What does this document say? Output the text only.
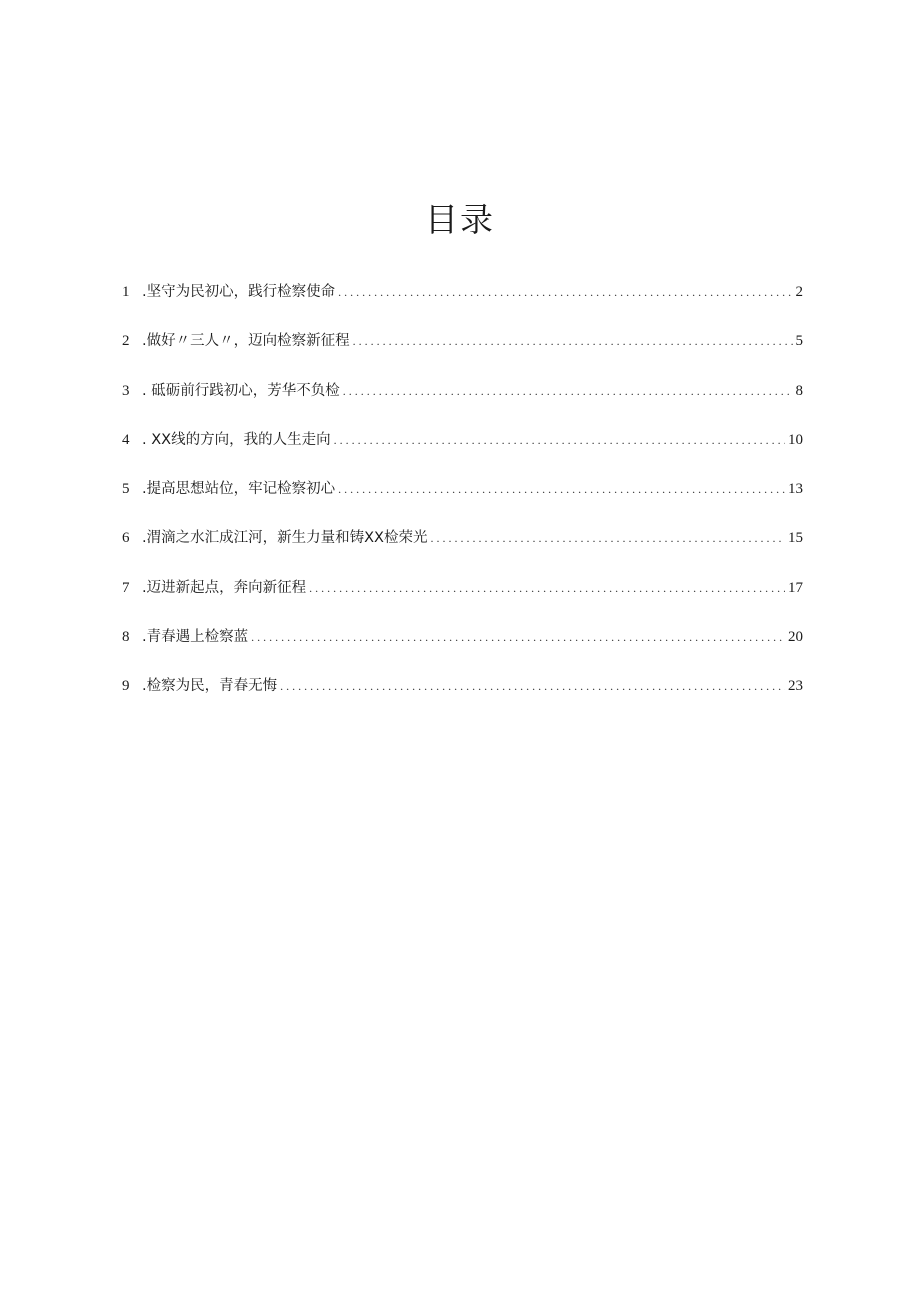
目录
1 .坚守为民初心，践行检察使命 . . .	2
2 .做好〃三人〃，迈向检察新征程 . . .	5
3 . 砥砺前行践初心，芳华不负检 . . .	8
4 . XX线的方向，我的人生走向 . . .	10
5 .提高思想站位，牢记检察初心 . . .	13
6 .渭滴之水汇成江河，新生力量和铸XX检荣光 . . .	15
7 .迈进新起点，奔向新征程 . . .	17
8 .青春遇上检察蓝 . . .	20
9 .检察为民，青春无悔 . . .	23
